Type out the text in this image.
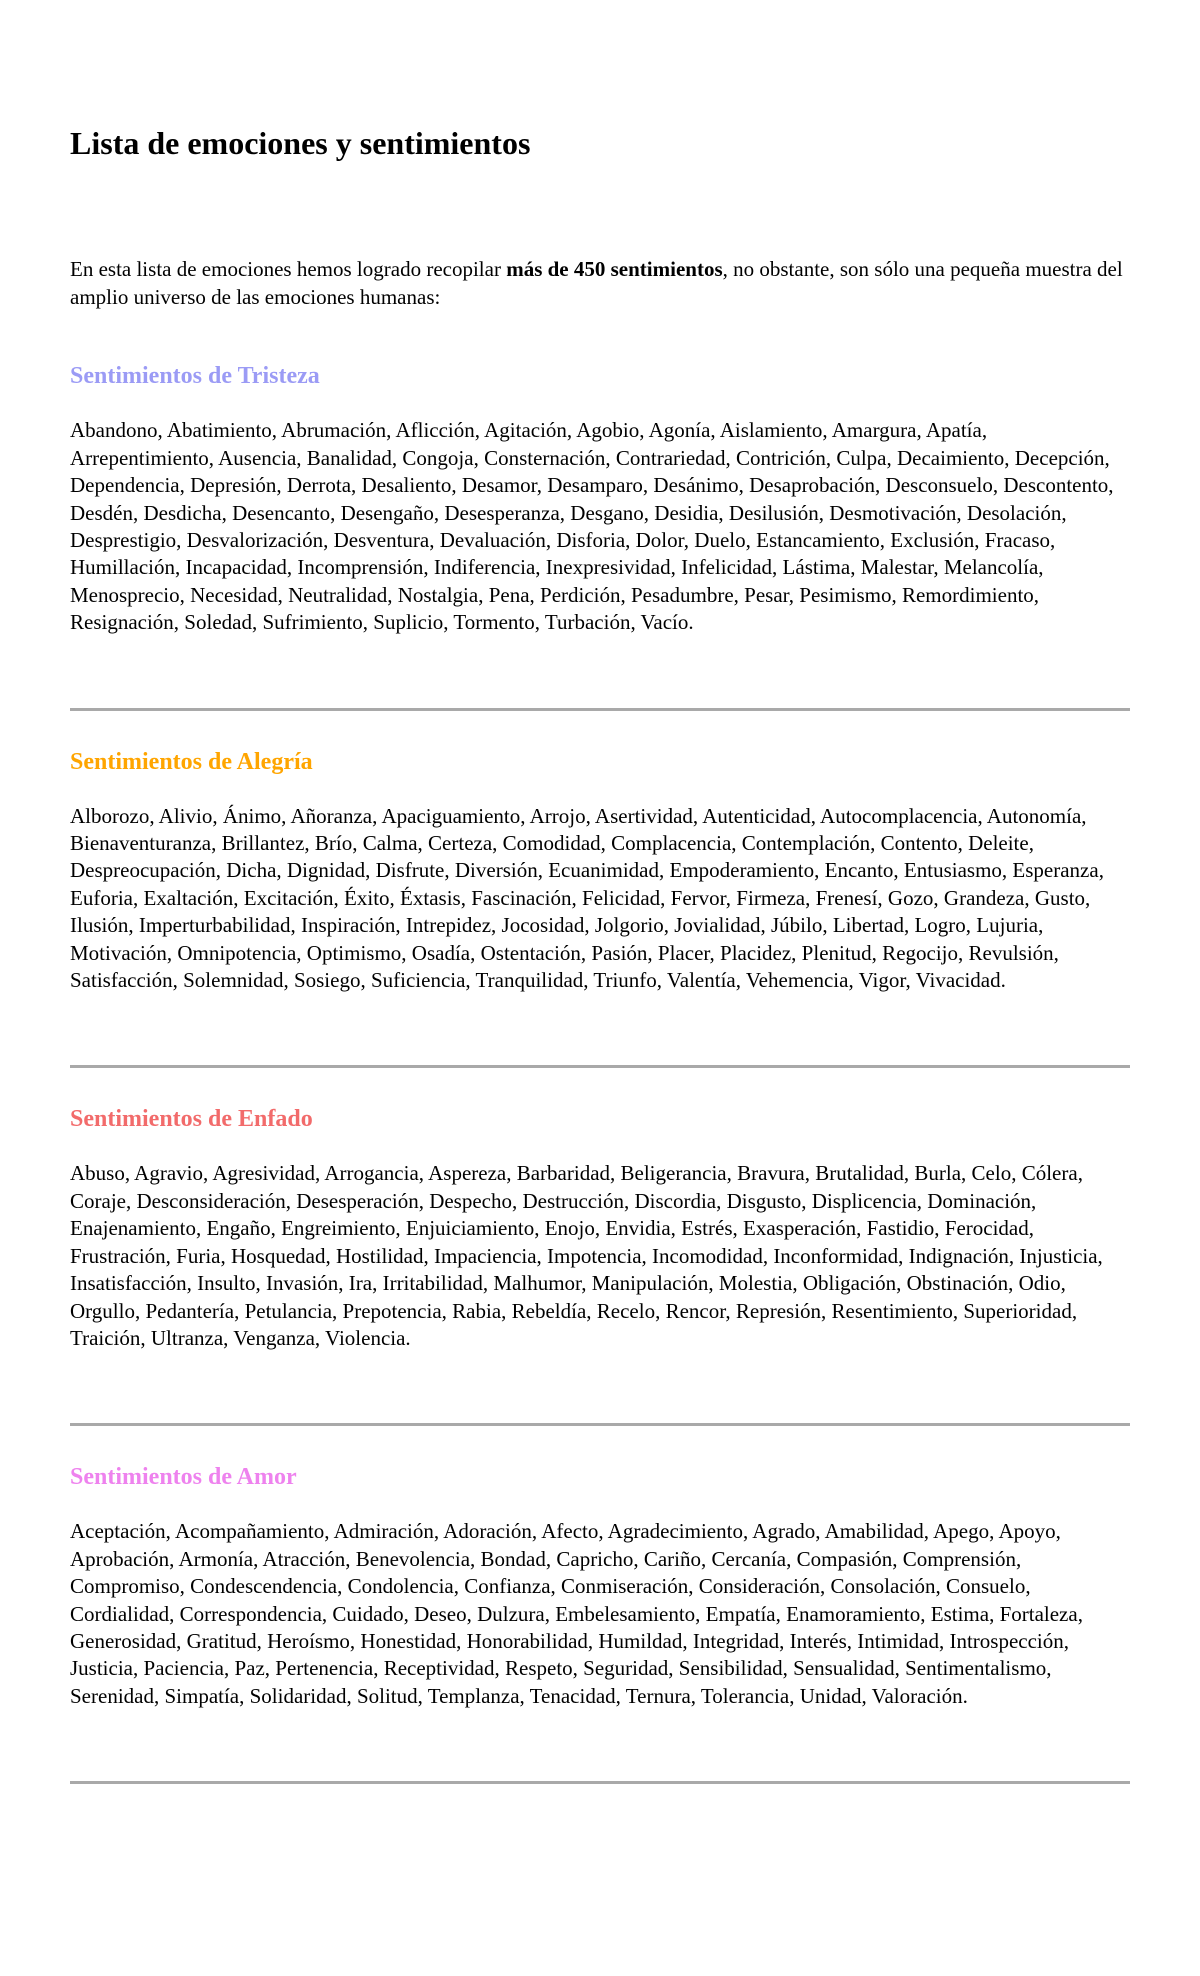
Lista de emociones y sentimientos

En esta lista de emociones hemos logrado recopilar más de 450 sentimientos, no obstante, son sólo una pequeña muestra del amplio universo de las emociones humanas:

Sentimientos de Tristeza

Abandono, Abatimiento, Abrumación, Aflicción, Agitación, Agobio, Agonía, Aislamiento, Amargura, Apatía, Arrepentimiento, Ausencia, Banalidad, Congoja, Consternación, Contrariedad, Contrición, Culpa, Decaimiento, Decepción, Dependencia, Depresión, Derrota, Desaliento, Desamor, Desamparo, Desánimo, Desaprobación, Desconsuelo, Descontento, Desdén, Desdicha, Desencanto, Desengaño, Desesperanza, Desgano, Desidia, Desilusión, Desmotivación, Desolación, Desprestigio, Desvalorización, Desventura, Devaluación, Disforia, Dolor, Duelo, Estancamiento, Exclusión, Fracaso, Humillación, Incapacidad, Incomprensión, Indiferencia, Inexpresividad, Infelicidad, Lástima, Malestar, Melancolía, Menosprecio, Necesidad, Neutralidad, Nostalgia, Pena, Perdición, Pesadumbre, Pesar, Pesimismo, Remordimiento, Resignación, Soledad, Sufrimiento, Suplicio, Tormento, Turbación, Vacío.

Sentimientos de Alegría

Alborozo, Alivio, Ánimo, Añoranza, Apaciguamiento, Arrojo, Asertividad, Autenticidad, Autocomplacencia, Autonomía, Bienaventuranza, Brillantez, Brío, Calma, Certeza, Comodidad, Complacencia, Contemplación, Contento, Deleite, Despreocupación, Dicha, Dignidad, Disfrute, Diversión, Ecuanimidad, Empoderamiento, Encanto, Entusiasmo, Esperanza, Euforia, Exaltación, Excitación, Éxito, Éxtasis, Fascinación, Felicidad, Fervor, Firmeza, Frenesí, Gozo, Grandeza, Gusto, Ilusión, Imperturbabilidad, Inspiración, Intrepidez, Jocosidad, Jolgorio, Jovialidad, Júbilo, Libertad, Logro, Lujuria, Motivación, Omnipotencia, Optimismo, Osadía, Ostentación, Pasión, Placer, Placidez, Plenitud, Regocijo, Revulsión, Satisfacción, Solemnidad, Sosiego, Suficiencia, Tranquilidad, Triunfo, Valentía, Vehemencia, Vigor, Vivacidad.

Sentimientos de Enfado

Abuso, Agravio, Agresividad, Arrogancia, Aspereza, Barbaridad, Beligerancia, Bravura, Brutalidad, Burla, Celo, Cólera, Coraje, Desconsideración, Desesperación, Despecho, Destrucción, Discordia, Disgusto, Displicencia, Dominación, Enajenamiento, Engaño, Engreimiento, Enjuiciamiento, Enojo, Envidia, Estrés, Exasperación, Fastidio, Ferocidad, Frustración, Furia, Hosquedad, Hostilidad, Impaciencia, Impotencia, Incomodidad, Inconformidad, Indignación, Injusticia, Insatisfacción, Insulto, Invasión, Ira, Irritabilidad, Malhumor, Manipulación, Molestia, Obligación, Obstinación, Odio, Orgullo, Pedantería, Petulancia, Prepotencia, Rabia, Rebeldía, Recelo, Rencor, Represión, Resentimiento, Superioridad, Traición, Ultranza, Venganza, Violencia.

Sentimientos de Amor

Aceptación, Acompañamiento, Admiración, Adoración, Afecto, Agradecimiento, Agrado, Amabilidad, Apego, Apoyo, Aprobación, Armonía, Atracción, Benevolencia, Bondad, Capricho, Cariño, Cercanía, Compasión, Comprensión, Compromiso, Condescendencia, Condolencia, Confianza, Conmiseración, Consideración, Consolación, Consuelo, Cordialidad, Correspondencia, Cuidado, Deseo, Dulzura, Embelesamiento, Empatía, Enamoramiento, Estima, Fortaleza, Generosidad, Gratitud, Heroísmo, Honestidad, Honorabilidad, Humildad, Integridad, Interés, Intimidad, Introspección, Justicia, Paciencia, Paz, Pertenencia, Receptividad, Respeto, Seguridad, Sensibilidad, Sensualidad, Sentimentalismo, Serenidad, Simpatía, Solidaridad, Solitud, Templanza, Tenacidad, Ternura, Tolerancia, Unidad, Valoración.
